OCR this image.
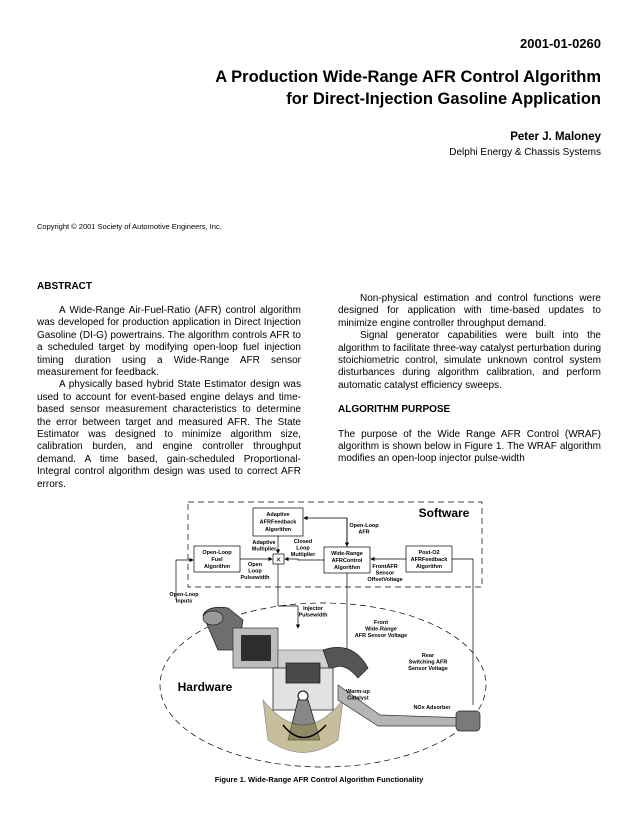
2001-01-0260
A Production Wide-Range AFR Control Algorithm
for Direct-Injection Gasoline Application
Peter J. Maloney
Delphi Energy & Chassis Systems
Copyright © 2001 Society of Automotive Engineers, Inc.
ABSTRACT

A Wide-Range Air-Fuel-Ratio (AFR) control algorithm was developed for production application in Direct Injection Gasoline (DI-G) powertrains. The algorithm controls AFR to a scheduled target by modifying open-loop fuel injection timing duration using a Wide-Range AFR sensor measurement for feedback.

A physically based hybrid State Estimator design was used to account for event-based engine delays and time-based sensor measurement characteristics to determine the error between target and measured AFR. The State Estimator was designed to minimize algorithm size, calibration burden, and engine controller throughput demand. A time based, gain-scheduled Proportional-Integral control algorithm design was used to correct AFR errors.

Non-physical estimation and control functions were designed for application with time-based updates to minimize engine controller throughput demand.

Signal generator capabilities were built into the algorithm to facilitate three-way catalyst perturbation during stoichiometric control, simulate unknown control system disturbances during algorithm calibration, and perform automatic catalyst efficiency sweeps.

ALGORITHM PURPOSE

The purpose of the Wide Range AFR Control (WRAF) algorithm is shown below in Figure 1. The WRAF algorithm modifies an open-loop injector pulse-width

Software
Hardware
Adaptive
AFRFeedback
Algorithm
Open-Loop
Fuel
Algorithm
×
Adaptive Multiplier
Closed Loop Multiplier
Open Loop Pulsewidth
Open-Loop AFR
Wide-Range
AFRControl
Algorithm	FrontAFR Sensor OffsetVoltage
Post-O2
AFRFeedback
Algorithm
Open-Loop Inputs
Injector Pulsewidth
Front Wide-Range AFR Sensor Voltage
Rear Switching AFR Sensor Voltage
Warm-up Catalyst
NOx Adsorber
Figure 1. Wide-Range AFR Control Algorithm Functionality
